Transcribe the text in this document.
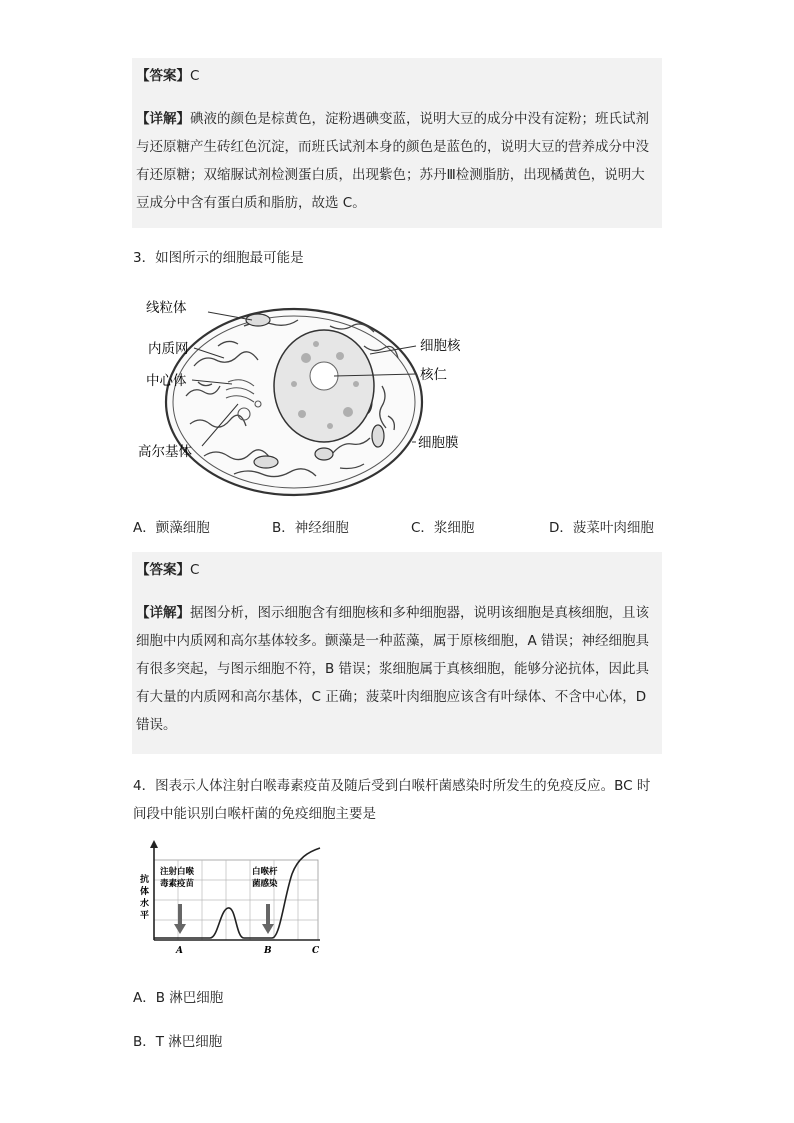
【答案】C
【详解】碘液的颜色是棕黄色，淀粉遇碘变蓝，说明大豆的成分中没有淀粉；班氏试剂
与还原糖产生砖红色沉淀，而班氏试剂本身的颜色是蓝色的，说明大豆的营养成分中没
有还原糖；双缩脲试剂检测蛋白质，出现紫色；苏丹Ⅲ检测脂肪，出现橘黄色，说明大
豆成分中含有蛋白质和脂肪，故选 C。
3．如图所示的细胞最可能是
线粒体
内质网
中心体
高尔基体
细胞核
核仁
细胞膜
A．颤藻细胞	B．神经细胞	C．浆细胞	D．菠菜叶肉细胞
【答案】C
【详解】据图分析，图示细胞含有细胞核和多种细胞器，说明该细胞是真核细胞，且该
细胞中内质网和高尔基体较多。颤藻是一种蓝藻，属于原核细胞，A 错误；神经细胞具
有很多突起，与图示细胞不符，B 错误；浆细胞属于真核细胞，能够分泌抗体，因此具
有大量的内质网和高尔基体，C 正确；菠菜叶肉细胞应该含有叶绿体、不含中心体，D
错误。
4．图表示人体注射白喉毒素疫苗及随后受到白喉杆菌感染时所发生的免疫反应。BC 时
间段中能识别白喉杆菌的免疫细胞主要是
注射白喉
毒素疫苗
白喉杆
菌感染
抗
体
水
平
A	B	C
A．B 淋巴细胞
B．T 淋巴细胞
